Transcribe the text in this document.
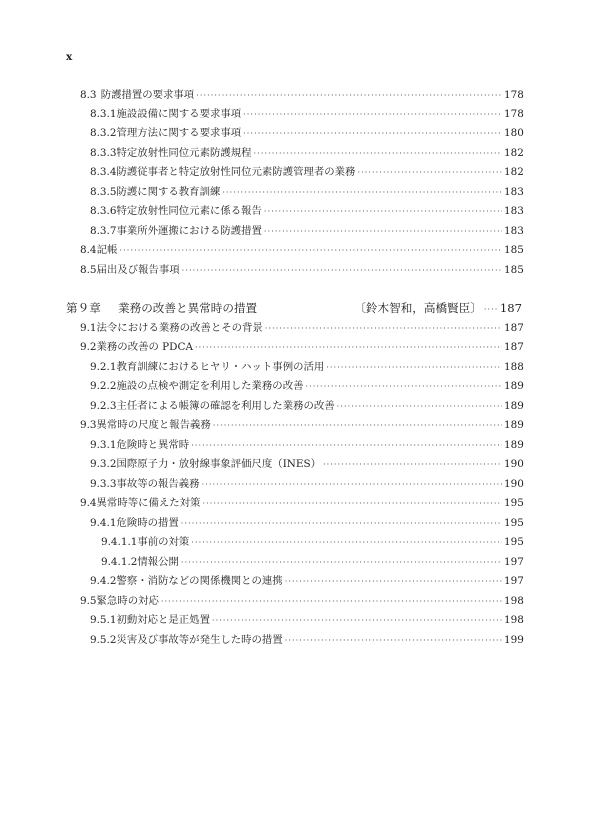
x
8.3 防護措置の要求事項 ·····	178
8.3.1 施設設備に関する要求事項 ·····	178
8.3.2 管理方法に関する要求事項 ·····	180
8.3.3 特定放射性同位元素防護規程 ·····	182
8.3.4 防護従事者と特定放射性同位元素防護管理者の業務 ·····	182
8.3.5 防護に関する教育訓練 ·····	183
8.3.6 特定放射性同位元素に係る報告 ·····	183
8.3.7 事業所外運搬における防護措置 ·····	183
8.4 記帳 ·····	185
8.5 届出及び報告事項 ·····	185
第９章	業務の改善と異常時の措置	〔鈴木智和，高橋賢臣〕 ····· 187
9.1 法令における業務の改善とその背景 ·····	187
9.2 業務の改善の PDCA ·····	187
9.2.1 教育訓練におけるヒヤリ・ハット事例の活用 ·····	188
9.2.2 施設の点検や測定を利用した業務の改善 ·····	189
9.2.3 主任者による帳簿の確認を利用した業務の改善 ·····	189
9.3 異常時の尺度と報告義務 ·····	189
9.3.1 危険時と異常時 ·····	189
9.3.2 国際原子力・放射線事象評価尺度（INES） ·····	190
9.3.3 事故等の報告義務 ·····	190
9.4 異常時等に備えた対策 ·····	195
9.4.1 危険時の措置 ·····	195
9.4.1.1 事前の対策 ·····	195
9.4.1.2 情報公開 ·····	197
9.4.2 警察・消防などの関係機関との連携 ·····	197
9.5 緊急時の対応 ·····	198
9.5.1 初動対応と是正処置 ·····	198
9.5.2 災害及び事故等が発生した時の措置 ·····	199
